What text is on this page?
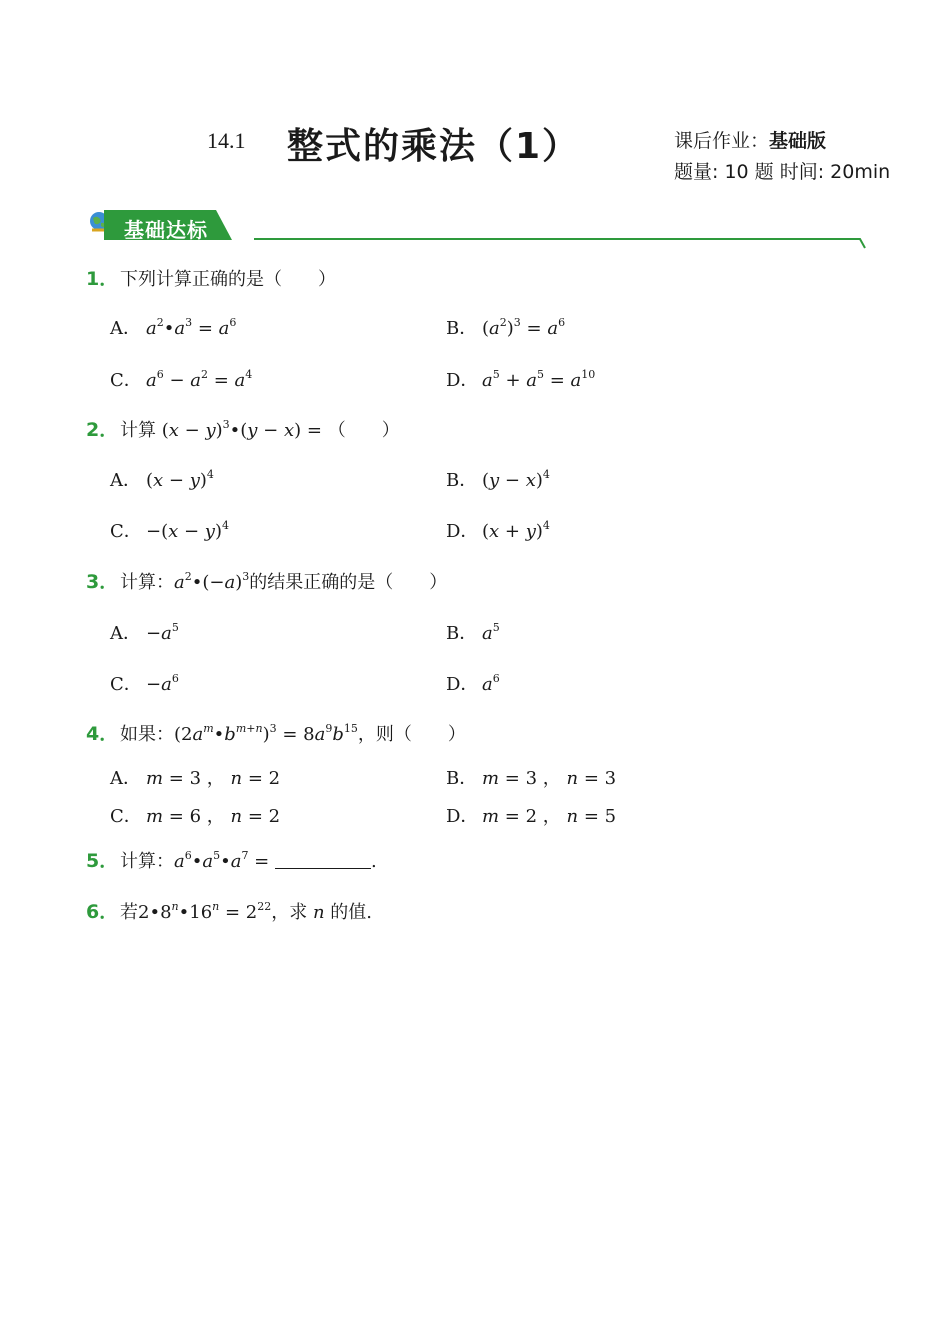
14.1 整式的乘法（1）	课后作业：基础版
题量: 10 题 时间: 20min
基础达标
1．下列计算正确的是（　　）
A． $a^2•a^3 = a^6$	B． $(a^2)^3 = a^6$
C． $a^6 - a^2 = a^4$	D． $a^5 + a^5 = a^{10}$
2．计算 $(x - y)^3•(y - x)$ = （　　）
A． $(x - y)^4$	B． $(y - x)^4$
C． $-(x - y)^4$	D． $(x + y)^4$
3．计算：$a^2•(-a)^3$的结果正确的是（　　）
A． $-a^5$	B． $a^5$
C． $-a^6$	D． $a^6$
4．如果：$(2a^m•b^{m+n})^3 = 8a^9b^{15}$，则（　　）
A． m = 3 ， n = 2	B． m = 3 ， n = 3
C． m = 6 ， n = 2	D． m = 2 ， n = 5
5．计算：$a^6•a^5•a^7$ =	.
6．若$2•8^n•16^n = 2^{22}$，求 n 的值.
